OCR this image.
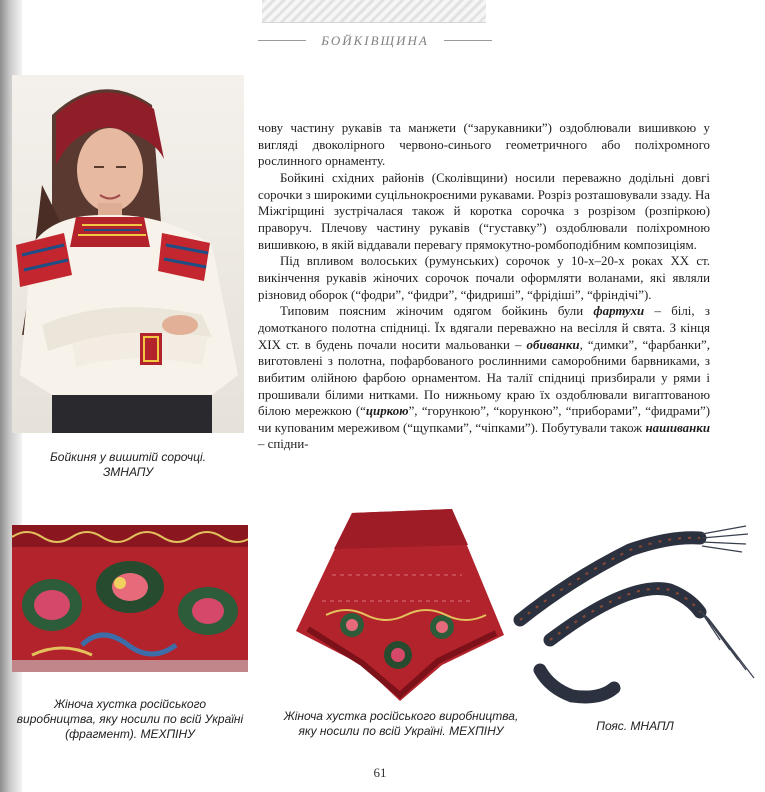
БОЙКІВЩИНА
Бойкиня у вишитій сорочці.
ЗМНАПУ

чову частину рукавів та манжети (“зарукавники”) оздоблювали вишивкою у вигляді двоколірного червоно-синього геометричного або поліхромного рослинного орнаменту.

Бойкині східних районів (Сколівщини) носили переважно додільні довгі сорочки з широкими суцільнокроєними рукавами. Розріз розташовували ззаду. На Міжгірщині зустрічалася також й коротка сорочка з розрізом (розпіркою) праворуч. Плечову частину рукавів (“густавку”) оздоблювали поліхромною вишивкою, в якій віддавали перевагу прямокутно-ромбоподібним композиціям.

Під впливом волоських (румунських) сорочок у 10-х–20-х роках ХХ ст. викінчення рукавів жіночих сорочок почали оформляти воланами, які являли різновид оборок (“фодри”, “фидри”, “фидриші”, “фрідіші”, “фріндічі”).

Типовим поясним жіночим одягом бойкинь були фартухи – білі, з домотканого полотна спідниці. Їх вдягали переважно на весілля й свята. З кінця ХІХ ст. в будень почали носити мальованки – обиванки, “димки”, “фарбанки”, виготовлені з полотна, пофарбованого рослинними саморобними барвниками, з вибитим олійною фарбою орнаментом. На талії спідниці призбирали у рями і прошивали білими нитками. По нижньому краю їх оздоблювали вигаптованою білою мережкою (“циркою”, “горункою”, “корункою”, “приборами”, “фидрами”) чи купованим мереживом (“щупками”, “чіпками”). Побутували також нашиванки – спідни-

Жіноча хустка російського
виробництва, яку носили по всій Україні
(фрагмент). МЕХПІНУ
Жіноча хустка російського виробництва,
яку носили по всій Україні. МЕХПІНУ	Пояс. МНАПЛ
61
